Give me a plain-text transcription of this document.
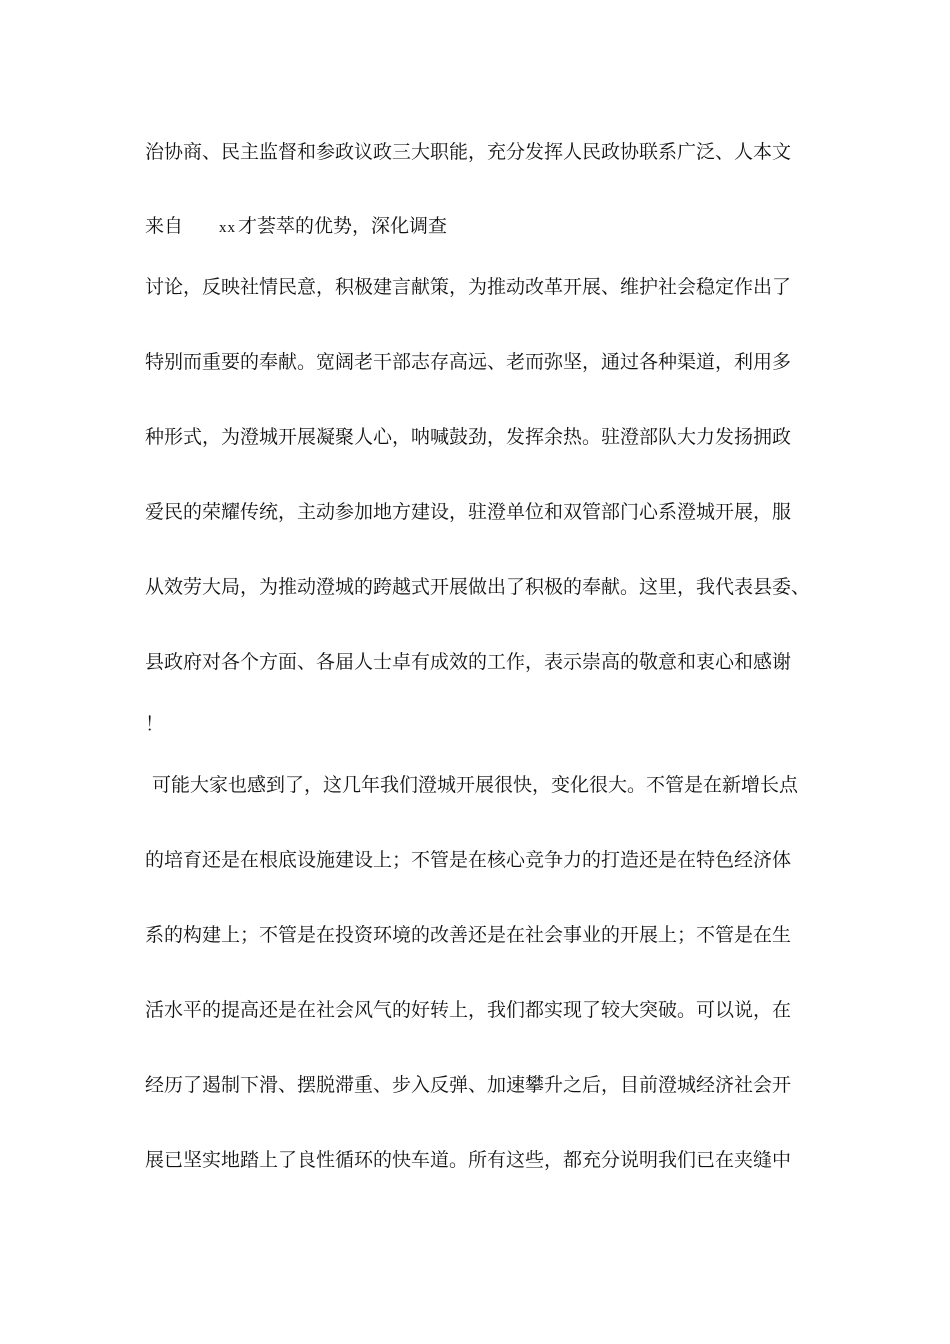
治协商、民主监督和参政议政三大职能，充分发挥人民政协联系广泛、人本文
来自 xx 才荟萃的优势，深化调查
讨论，反映社情民意，积极建言献策，为推动改革开展、维护社会稳定作出了
特别而重要的奉献。宽阔老干部志存高远、老而弥坚，通过各种渠道，利用多
种形式，为澄城开展凝聚人心，呐喊鼓劲，发挥余热。驻澄部队大力发扬拥政
爱民的荣耀传统，主动参加地方建设，驻澄单位和双管部门心系澄城开展，服
从效劳大局，为推动澄城的跨越式开展做出了积极的奉献。这里，我代表县委、
县政府对各个方面、各届人士卓有成效的工作，表示崇高的敬意和衷心和感谢
！
可能大家也感到了，这几年我们澄城开展很快，变化很大。不管是在新增长点
的培育还是在根底设施建设上；不管是在核心竞争力的打造还是在特色经济体
系的构建上；不管是在投资环境的改善还是在社会事业的开展上；不管是在生
活水平的提高还是在社会风气的好转上，我们都实现了较大突破。可以说，在
经历了遏制下滑、摆脱滞重、步入反弹、加速攀升之后，目前澄城经济社会开
展已坚实地踏上了良性循环的快车道。所有这些，都充分说明我们已在夹缝中
